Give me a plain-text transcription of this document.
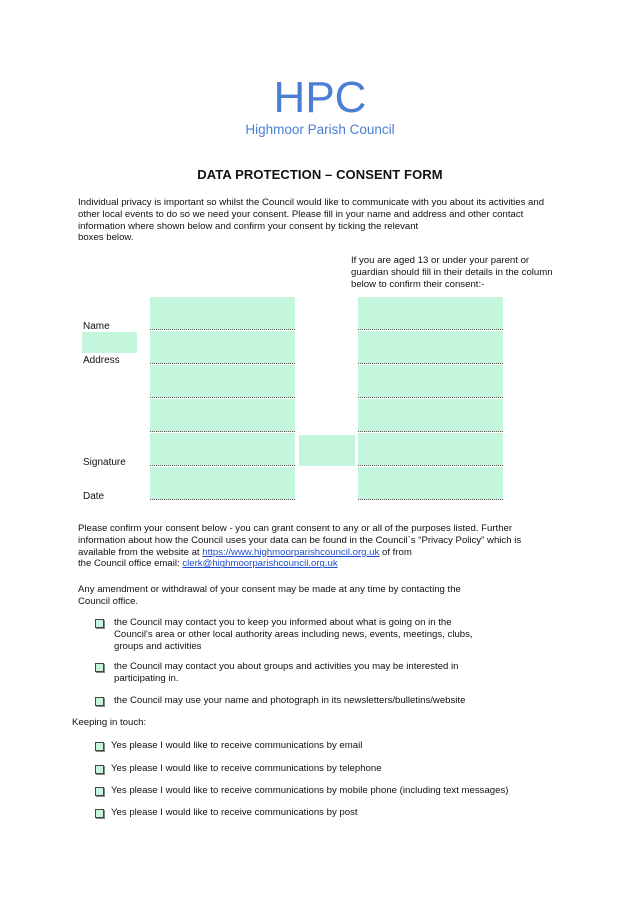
HPC
Highmoor Parish Council
DATA PROTECTION – CONSENT FORM
Individual privacy is important so whilst the Council would like to communicate with you about its activities and
other local events to do so we need your consent. Please fill in your name and address and other contact
information where shown below and confirm your consent by ticking the relevant
boxes below.
If you are aged 13 or under your parent or
guardian should fill in their details in the column
below to confirm their consent:-
Name
Address
Signature
Date
Please confirm your consent below - you can grant consent to any or all of the purposes listed. Further
information about how the Council uses your data can be found in the Council`s “Privacy Policy” which is
available from the website at https://www.highmoorparishcouncil.org.uk of from
the Council office email: clerk@highmoorparishcouncil.org.uk
Any amendment or withdrawal of your consent may be made at any time by contacting the
Council office.
the Council may contact you to keep you informed about what is going on in the
Council's area or other local authority areas including news, events, meetings, clubs,
groups and activities
the Council may contact you about groups and activities you may be interested in
participating in.
the Council may use your name and photograph in its newsletters/bulletins/website
Keeping in touch:
Yes please I would like to receive communications by email
Yes please I would like to receive communications by telephone
Yes please I would like to receive communications by mobile phone (including text messages)
Yes please I would like to receive communications by post
